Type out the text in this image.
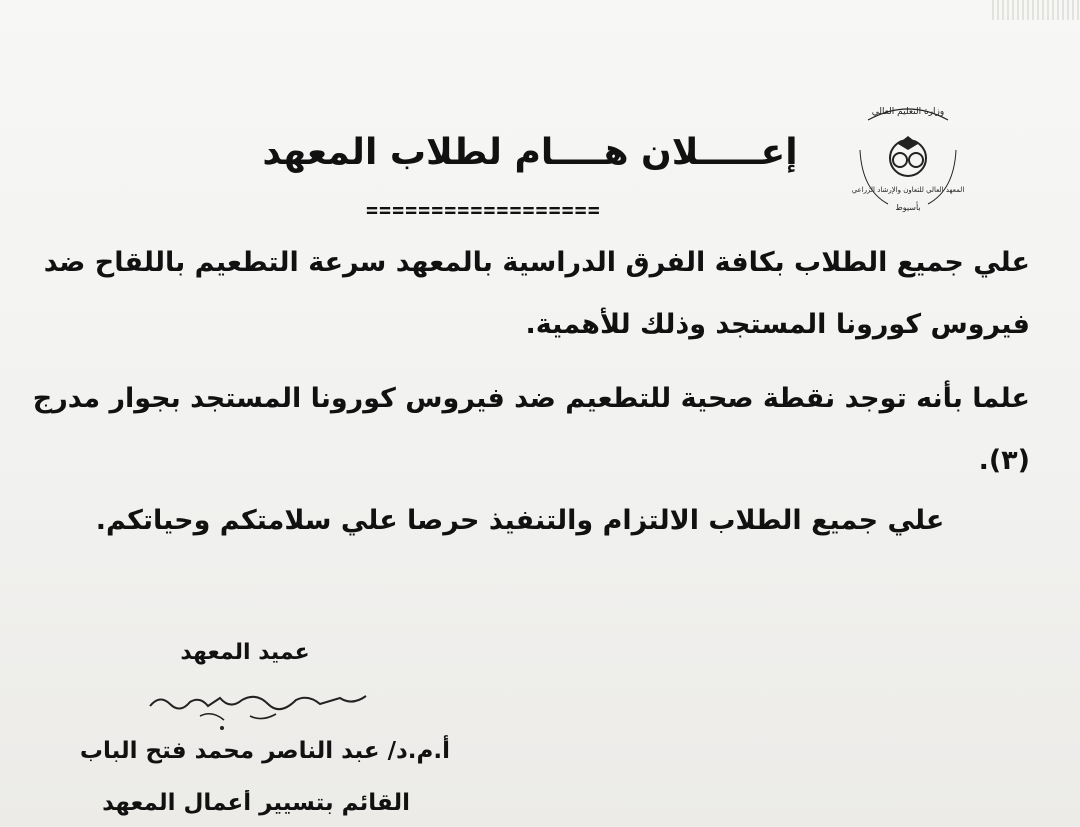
وزارة التعليم العالي
المعهد العالي للتعاون والإرشاد الزراعي
بأسيوط
إعـــــلان هــــام لطلاب المعهد
==================
علي جميع الطلاب بكافة الفرق الدراسية بالمعهد سرعة التطعيم باللقاح ضد فيروس كورونا المستجد وذلك للأهمية.
علما بأنه توجد نقطة صحية للتطعيم ضد فيروس كورونا المستجد بجوار مدرج (٣).
علي جميع الطلاب الالتزام والتنفيذ حرصا علي سلامتكم وحياتكم.
عميد المعهد
أ.م.د/ عبد الناصر محمد فتح الباب
القائم بتسيير أعمال المعهد
